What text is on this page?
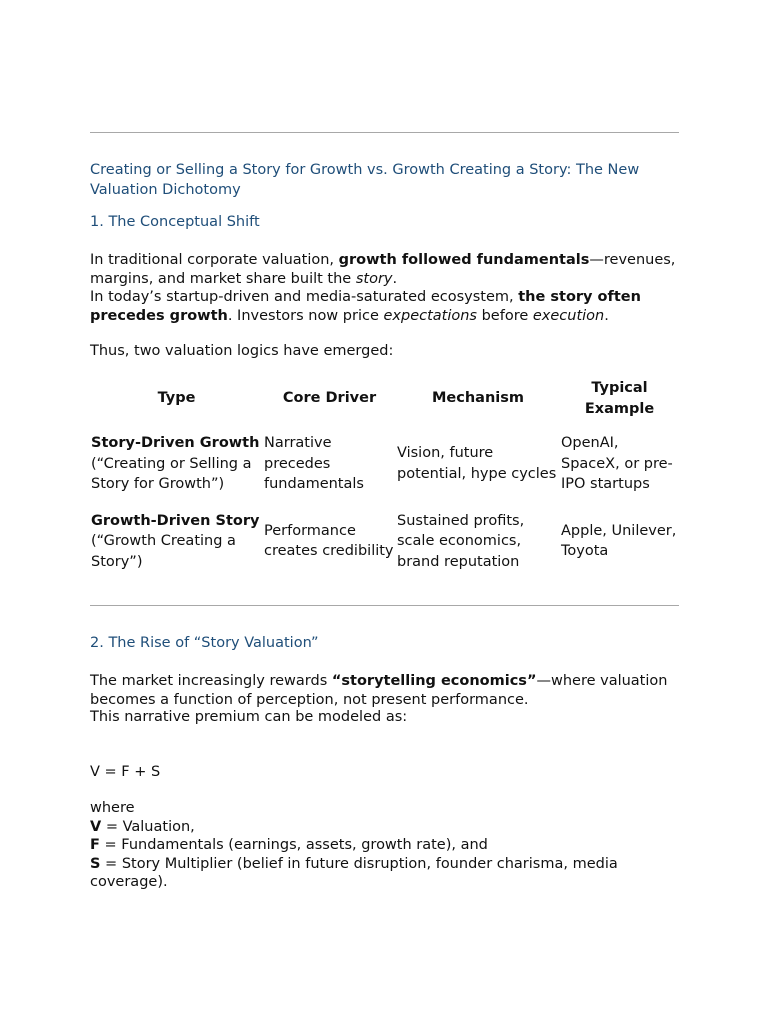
Creating or Selling a Story for Growth vs. Growth Creating a Story: The New Valuation Dichotomy
1. The Conceptual Shift
In traditional corporate valuation, growth followed fundamentals—revenues, margins, and market share built the story.
In today’s startup-driven and media-saturated ecosystem, the story often precedes growth. Investors now price expectations before execution.
Thus, two valuation logics have emerged:
Type	Core Driver	Mechanism	Typical Example
Story-Driven Growth (“Creating or Selling a Story for Growth”)	Narrative precedes fundamentals	Vision, future potential, hype cycles	OpenAI, SpaceX, or pre-IPO startups
Growth-Driven Story (“Growth Creating a Story”)	Performance creates credibility	Sustained profits, scale economics, brand reputation	Apple, Unilever, Toyota
2. The Rise of “Story Valuation”
The market increasingly rewards “storytelling economics”—where valuation becomes a function of perception, not present performance.
This narrative premium can be modeled as:
V = F + S
where
V = Valuation,
F = Fundamentals (earnings, assets, growth rate), and
S = Story Multiplier (belief in future disruption, founder charisma, media coverage).
